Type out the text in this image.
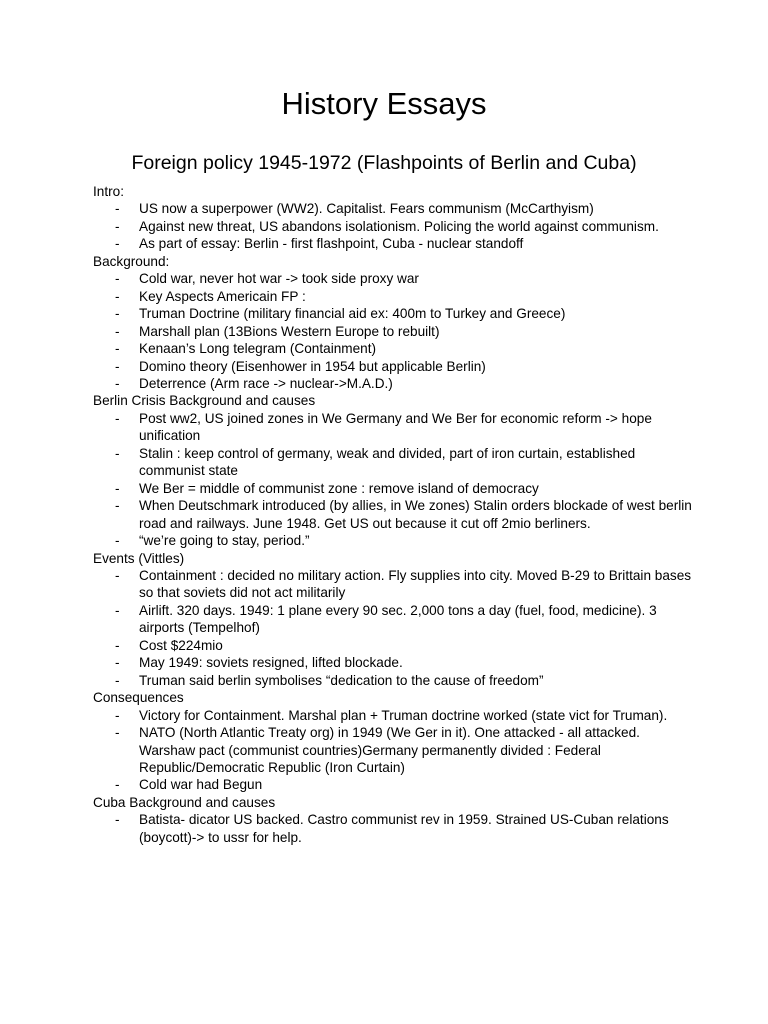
History Essays
Foreign policy 1945-1972 (Flashpoints of Berlin and Cuba)
Intro:
- US now a superpower (WW2). Capitalist. Fears communism (McCarthyism)
- Against new threat, US abandons isolationism. Policing the world against communism.
- As part of essay: Berlin - first flashpoint, Cuba - nuclear standoff
Background:
- Cold war, never hot war -> took side proxy war
- Key Aspects Americain FP :
- Truman Doctrine (military financial aid ex: 400m to Turkey and Greece)
- Marshall plan (13Bions Western Europe to rebuilt)
- Kenaan’s Long telegram (Containment)
- Domino theory (Eisenhower in 1954 but applicable Berlin)
- Deterrence (Arm race -> nuclear->M.A.D.)
Berlin Crisis Background and causes
- Post ww2, US joined zones in We Germany and We Ber for economic reform -> hope unification
- Stalin : keep control of germany, weak and divided, part of iron curtain, established communist state
- We Ber = middle of communist zone : remove island of democracy
- When Deutschmark introduced (by allies, in We zones) Stalin orders blockade of west berlin road and railways. June 1948. Get US out because it cut off 2mio berliners.
- “we’re going to stay, period.”
Events (Vittles)
- Containment : decided no military action. Fly supplies into city. Moved B-29 to Brittain bases so that soviets did not act militarily
- Airlift. 320 days. 1949: 1 plane every 90 sec. 2,000 tons a day (fuel, food, medicine). 3 airports (Tempelhof)
- Cost $224mio
- May 1949: soviets resigned, lifted blockade.
- Truman said berlin symbolises “dedication to the cause of freedom”
Consequences
- Victory for Containment. Marshal plan + Truman doctrine worked (state vict for Truman).
- NATO (North Atlantic Treaty org) in 1949 (We Ger in it). One attacked - all attacked. Warshaw pact (communist countries)Germany permanently divided : Federal Republic/Democratic Republic (Iron Curtain)
- Cold war had Begun
Cuba Background and causes
- Batista- dicator US backed. Castro communist rev in 1959. Strained US-Cuban relations (boycott)-> to ussr for help.
